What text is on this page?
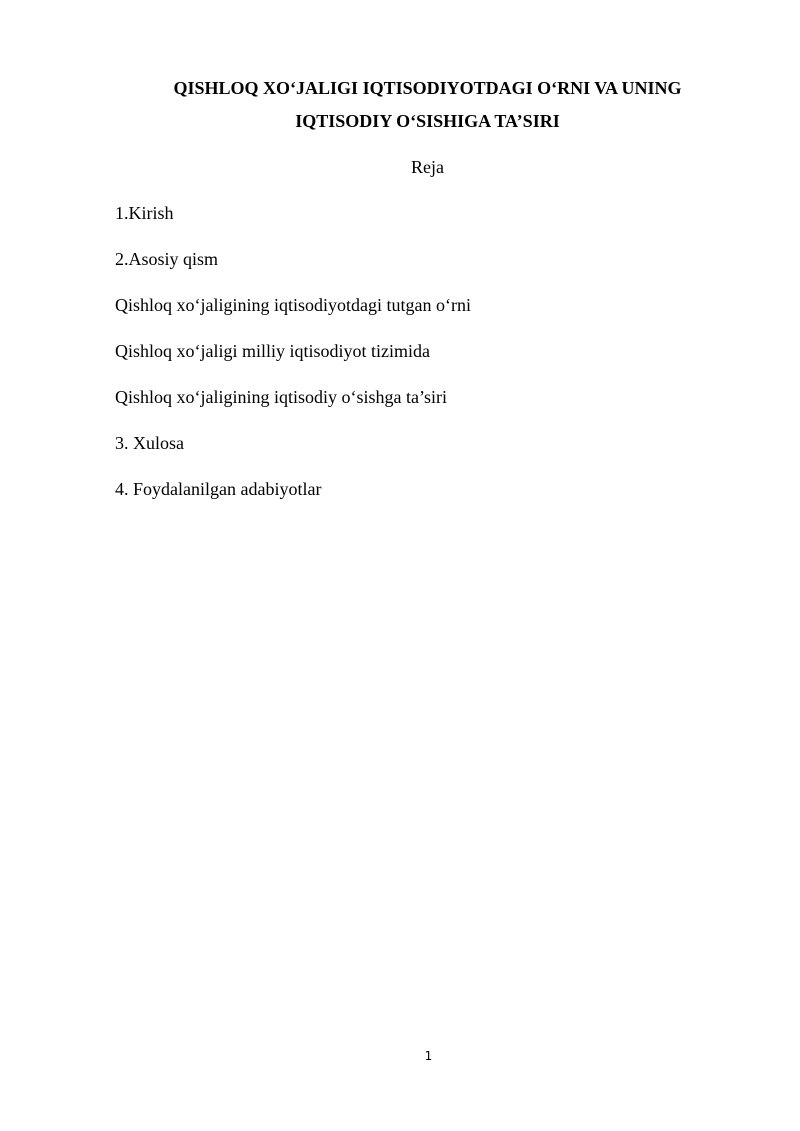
QISHLOQ XO‘JALIGI IQTISODIYOTDAGI O‘RNI VA UNING
IQTISODIY O‘SISHIGA TA’SIRI
Reja
1.Kirish
2.Asosiy qism
Qishloq xo‘jaligining iqtisodiyotdagi tutgan o‘rni
Qishloq xo‘jaligi milliy iqtisodiyot tizimida
Qishloq xo‘jaligining iqtisodiy o‘sishga ta’siri
3. Xulosa
4. Foydalanilgan adabiyotlar
1
